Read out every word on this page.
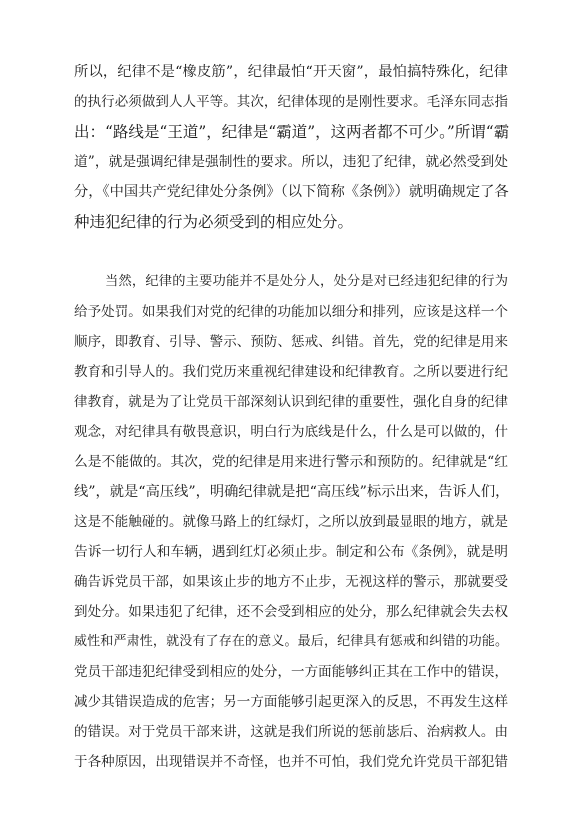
所以，纪律不是“橡皮筋”，纪律最怕“开天窗”，最怕搞特殊化，纪律
的执行必须做到人人平等。其次，纪律体现的是刚性要求。毛泽东同志指
出：“路线是“王道”，纪律是“霸道”，这两者都不可少。”所谓“霸
道”，就是强调纪律是强制性的要求。所以，违犯了纪律，就必然受到处
分，《中国共产党纪律处分条例》（以下简称《条例》）就明确规定了各
种违犯纪律的行为必须受到的相应处分。
当然，纪律的主要功能并不是处分人，处分是对已经违犯纪律的行为
给予处罚。如果我们对党的纪律的功能加以细分和排列，应该是这样一个
顺序，即教育、引导、警示、预防、惩戒、纠错。首先，党的纪律是用来
教育和引导人的。我们党历来重视纪律建设和纪律教育。之所以要进行纪
律教育，就是为了让党员干部深刻认识到纪律的重要性，强化自身的纪律
观念，对纪律具有敬畏意识，明白行为底线是什么，什么是可以做的，什
么是不能做的。其次，党的纪律是用来进行警示和预防的。纪律就是“红
线”，就是“高压线”，明确纪律就是把“高压线”标示出来，告诉人们，
这是不能触碰的。就像马路上的红绿灯，之所以放到最显眼的地方，就是
告诉一切行人和车辆，遇到红灯必须止步。制定和公布《条例》，就是明
确告诉党员干部，如果该止步的地方不止步，无视这样的警示，那就要受
到处分。如果违犯了纪律，还不会受到相应的处分，那么纪律就会失去权
威性和严肃性，就没有了存在的意义。最后，纪律具有惩戒和纠错的功能。
党员干部违犯纪律受到相应的处分，一方面能够纠正其在工作中的错误，
减少其错误造成的危害；另一方面能够引起更深入的反思，不再发生这样
的错误。对于党员干部来讲，这就是我们所说的惩前毖后、治病救人。由
于各种原因，出现错误并不奇怪，也并不可怕，我们党允许党员干部犯错
